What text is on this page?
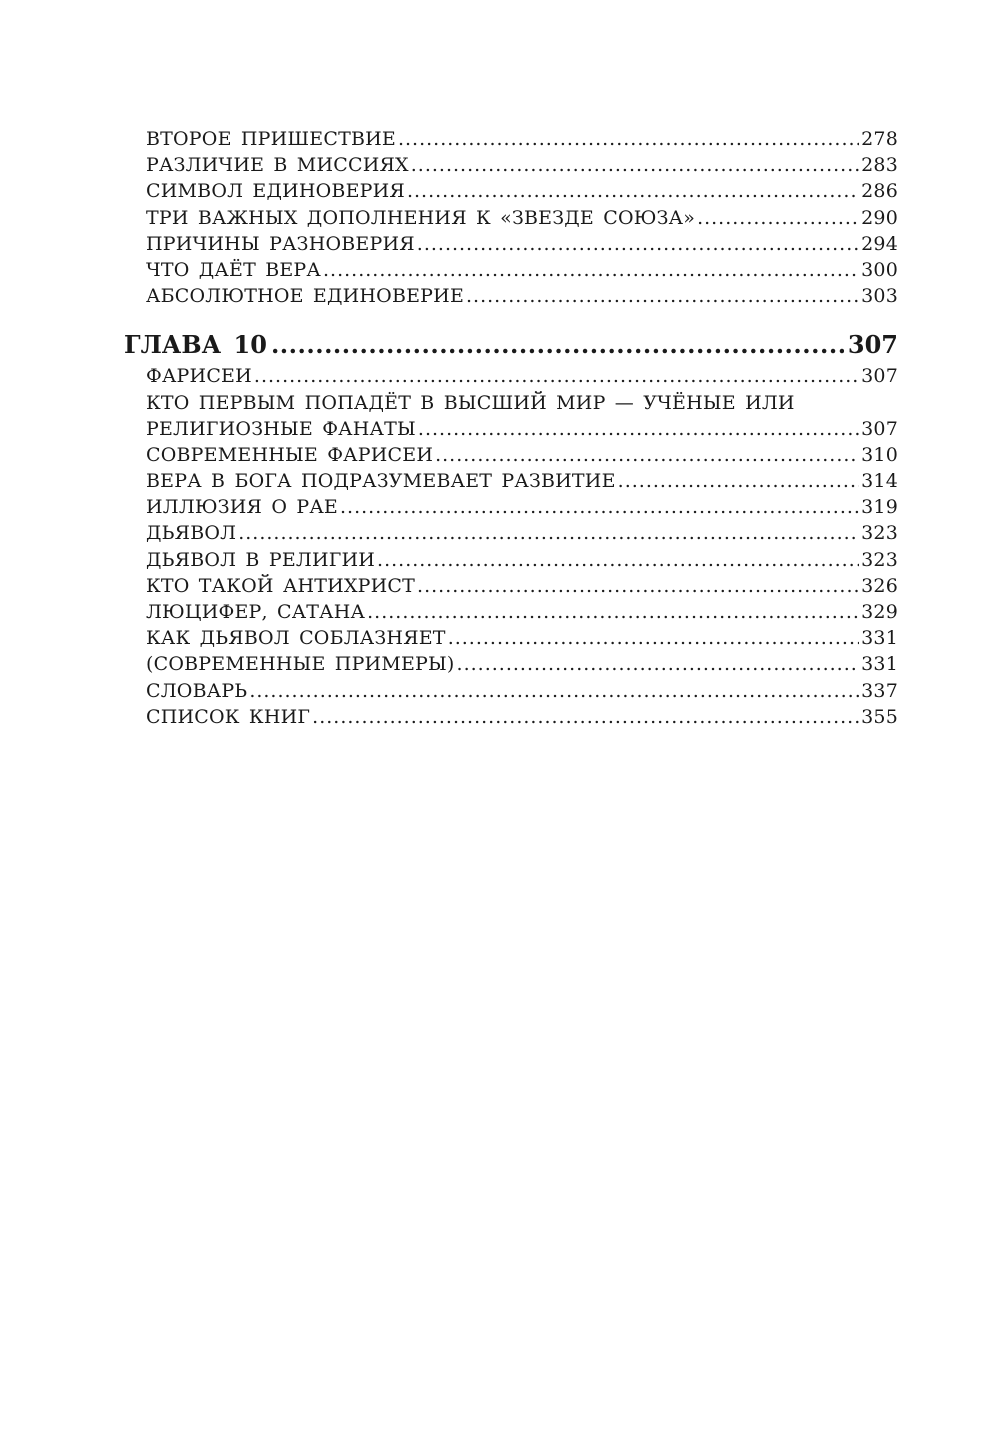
ВТОРОЕ ПРИШЕСТВИЕ .....	278
РАЗЛИЧИЕ В МИССИЯХ .....	283
СИМВОЛ ЕДИНОВЕРИЯ .....	286
ТРИ ВАЖНЫХ ДОПОЛНЕНИЯ К «ЗВЕЗДЕ СОЮЗА» .....	290
ПРИЧИНЫ РАЗНОВЕРИЯ .....	294
ЧТО ДАЁТ ВЕРА .....	300
АБСОЛЮТНОЕ ЕДИНОВЕРИЕ .....	303
ГЛАВА 10 .....	307
ФАРИСЕИ .....	307
КТО ПЕРВЫМ ПОПАДЁТ В ВЫСШИЙ МИР — УЧЁНЫЕ ИЛИ
РЕЛИГИОЗНЫЕ ФАНАТЫ .....	307
СОВРЕМЕННЫЕ ФАРИСЕИ .....	310
ВЕРА В БОГА ПОДРАЗУМЕВАЕТ РАЗВИТИЕ .....	314
ИЛЛЮЗИЯ О РАЕ .....	319
ДЬЯВОЛ .....	323
ДЬЯВОЛ В РЕЛИГИИ .....	323
КТО ТАКОЙ АНТИХРИСТ .....	326
ЛЮЦИФЕР, САТАНА .....	329
КАК ДЬЯВОЛ СОБЛАЗНЯЕТ .....	331
(СОВРЕМЕННЫЕ ПРИМЕРЫ) .....	331
СЛОВАРЬ .....	337
СПИСОК КНИГ .....	355
